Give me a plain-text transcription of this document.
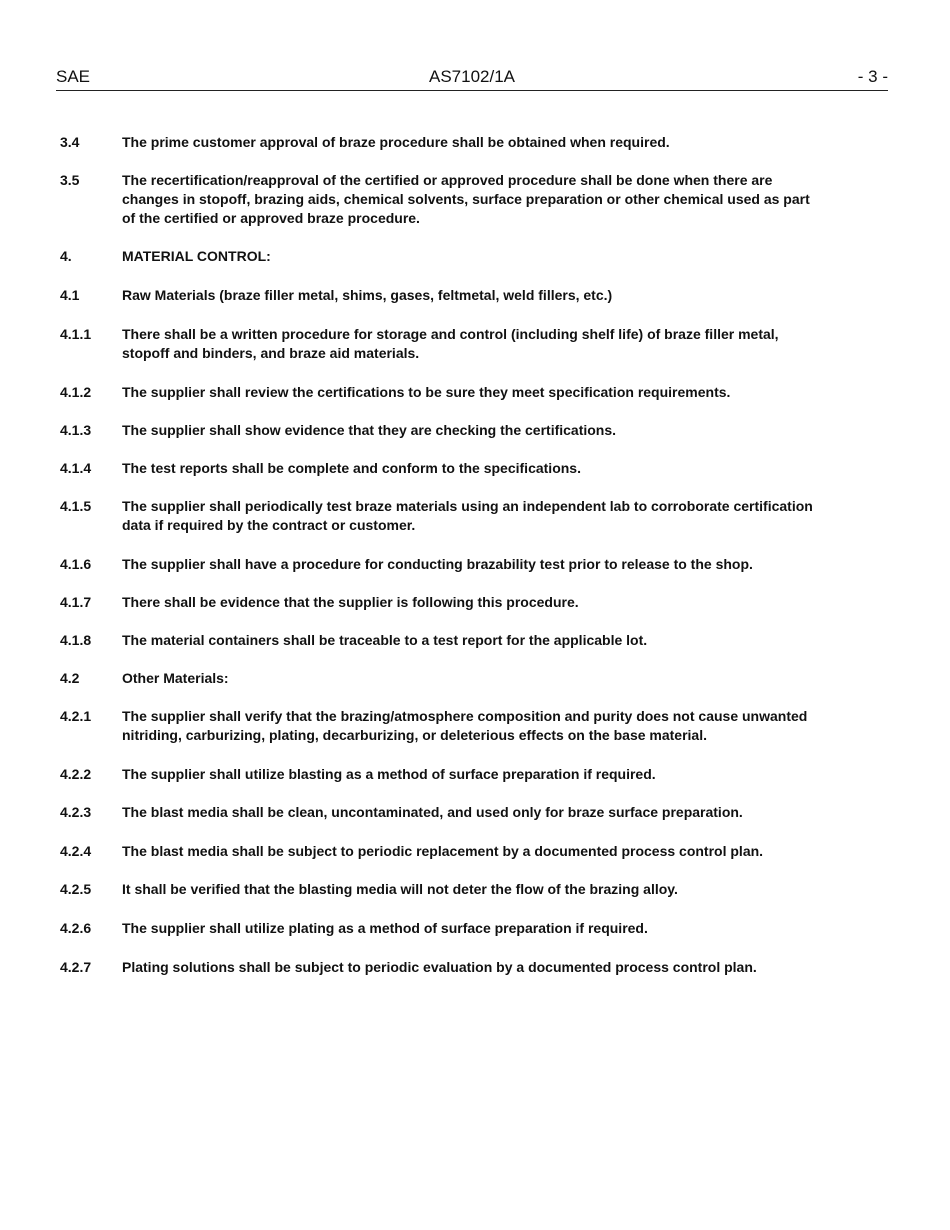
SAE	AS7102/1A	- 3 -
3.4	The prime customer approval of braze procedure shall be obtained when required.
3.5	The recertification/reapproval of the certified or approved procedure shall be done when there are changes in stopoff, brazing aids, chemical solvents, surface preparation or other chemical used as part of the certified or approved braze procedure.
4.	MATERIAL CONTROL:
4.1	Raw Materials (braze filler metal, shims, gases, feltmetal, weld fillers, etc.)
4.1.1	There shall be a written procedure for storage and control (including shelf life) of braze filler metal, stopoff and binders, and braze aid materials.
4.1.2	The supplier shall review the certifications to be sure they meet specification requirements.
4.1.3	The supplier shall show evidence that they are checking the certifications.
4.1.4	The test reports shall be complete and conform to the specifications.
4.1.5	The supplier shall periodically test braze materials using an independent lab to corroborate certification data if required by the contract or customer.
4.1.6	The supplier shall have a procedure for conducting brazability test prior to release to the shop.
4.1.7	There shall be evidence that the supplier is following this procedure.
4.1.8	The material containers shall be traceable to a test report for the applicable lot.
4.2	Other Materials:
4.2.1	The supplier shall verify that the brazing/atmosphere composition and purity does not cause unwanted nitriding, carburizing, plating, decarburizing, or deleterious effects on the base material.
4.2.2	The supplier shall utilize blasting as a method of surface preparation if required.
4.2.3	The blast media shall be clean, uncontaminated, and used only for braze surface preparation.
4.2.4	The blast media shall be subject to periodic replacement by a documented process control plan.
4.2.5	It shall be verified that the blasting media will not deter the flow of the brazing alloy.
4.2.6	The supplier shall utilize plating as a method of surface preparation if required.
4.2.7	Plating solutions shall be subject to periodic evaluation by a documented process control plan.
